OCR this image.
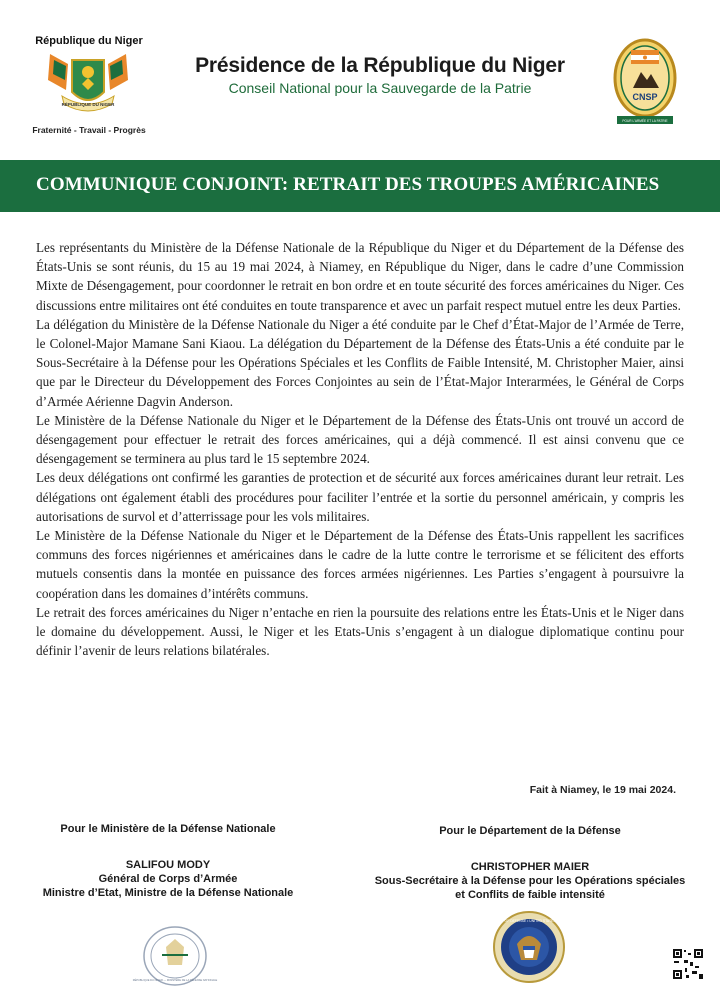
République du Niger
RÉPUBLIQUE DU NIGER
Fraternité - Travail - Progrès
Présidence de la République du Niger
Conseil National pour la Sauvegarde de la Patrie
CNSP
POUR L'ARMÉE ET LA PATRIE
COMMUNIQUE CONJOINT: RETRAIT DES TROUPES AMÉRICAINES

Les représentants du Ministère de la Défense Nationale de la République du Niger et du Département de la Défense des États-Unis se sont réunis, du 15 au 19 mai 2024, à Niamey, en République du Niger, dans le cadre d’une Commission Mixte de Désengagement, pour coordonner le retrait en bon ordre et en toute sécurité des forces américaines du Niger. Ces discussions entre militaires ont été conduites en toute transparence et avec un parfait respect mutuel entre les deux Parties.

La délégation du Ministère de la Défense Nationale du Niger a été conduite par le Chef d’État-Major de l’Armée de Terre, le Colonel-Major Mamane Sani Kiaou. La délégation du Département de la Défense des États-Unis a été conduite par le Sous-Secrétaire à la Défense pour les Opérations Spéciales et les Conflits de Faible Intensité, M. Christopher Maier, ainsi que par le Directeur du Développement des Forces Conjointes au sein de l’État-Major Interarmées, le Général de Corps d’Armée Aérienne Dagvin Anderson.

Le Ministère de la Défense Nationale du Niger et le Département de la Défense des États-Unis ont trouvé un accord de désengagement pour effectuer le retrait des forces américaines, qui a déjà commencé. Il est ainsi convenu que ce désengagement se terminera au plus tard le 15 septembre 2024.

Les deux délégations ont confirmé les garanties de protection et de sécurité aux forces américaines durant leur retrait. Les délégations ont également établi des procédures pour faciliter l’entrée et la sortie du personnel américain, y compris les autorisations de survol et d’atterrissage pour les vols militaires.

Le Ministère de la Défense Nationale du Niger et le Département de la Défense des États-Unis rappellent les sacrifices communs des forces nigériennes et américaines dans le cadre de la lutte contre le terrorisme et se félicitent des efforts mutuels consentis dans la montée en puissance des forces armées nigériennes. Les Parties s’engagent à poursuivre la coopération dans les domaines d’intérêts communs.

Le retrait des forces américaines du Niger n’entache en rien la poursuite des relations entre les États-Unis et le Niger dans le domaine du développement. Aussi, le Niger et les Etats-Unis s’engagent à un dialogue diplomatique continu pour définir l’avenir de leurs relations bilatérales.

Fait à Niamey, le 19 mai 2024.
Pour le Ministère de la Défense Nationale
SALIFOU MODY
Général de Corps d’Armée
Ministre d’Etat, Ministre de la Défense Nationale
RÉPUBLIQUE DU NIGER — MINISTÈRE DE LA DÉFENSE NATIONALE
Pour le Département de la Défense
CHRISTOPHER MAIER
Sous-Secrétaire à la Défense pour les Opérations spéciales et Conflits de faible intensité
DEPARTMENT OF DEFENSE • UNITED STATES OF AMERICA
